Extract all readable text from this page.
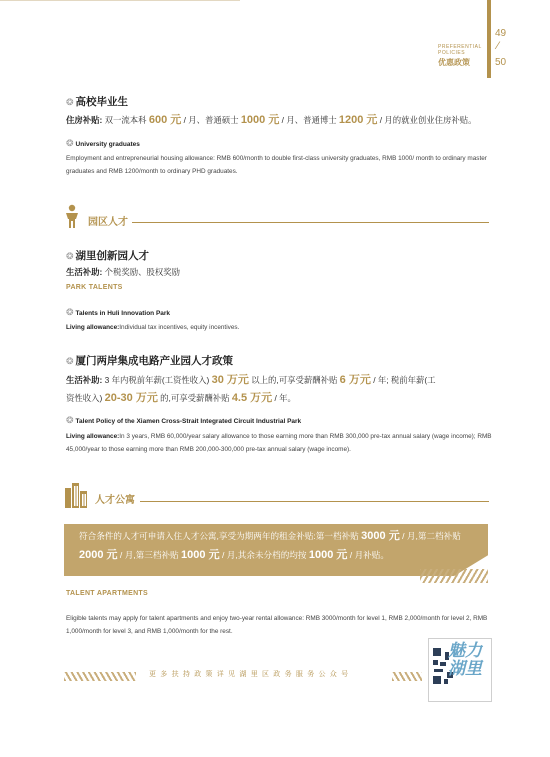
PREFERENTIAL POLICIES
优惠政策
49
⁄
50
❂ 高校毕业生
住房补贴: 双一流本科 600 元 / 月、普通硕士 1000 元 / 月、普通博士 1200 元 / 月的就业创业住房补贴。
❂ University graduates
Employment and entrepreneurial housing allowance: RMB 600/month to double first-class university graduates, RMB 1000/ month to ordinary master graduates and RMB 1200/month to ordinary PHD graduates.
园区人才
❂ 湖里创新园人才
生活补助: 个税奖励、股权奖励
PARK TALENTS
❂ Talents in Huli Innovation Park
Living allowance:Individual tax incentives, equity incentives.
❂ 厦门两岸集成电路产业园人才政策
生活补助: 3 年内税前年薪(工资性收入) 30 万元 以上的,可享受薪酬补贴 6 万元 / 年; 税前年薪(工
资性收入) 20-30 万元 的,可享受薪酬补贴 4.5 万元 / 年。
❂ Talent Policy of the Xiamen Cross-Strait Integrated Circuit Industrial Park
Living allowance:In 3 years, RMB 60,000/year salary allowance to those earning more than RMB 300,000 pre-tax annual salary (wage income); RMB 45,000/year to those earning more than RMB 200,000-300,000 pre-tax annual salary (wage income).
人才公寓
符合条件的人才可申请入住人才公寓,享受为期两年的租金补贴:第一档补贴 3000 元 / 月,第二档补贴 2000 元 / 月,第三档补贴 1000 元 / 月,其余未分档的均按 1000 元 / 月补贴。
TALENT APARTMENTS
Eligible talents may apply for talent apartments and enjoy two-year rental allowance: RMB 3000/month for level 1, RMB 2,000/month for level 2, RMB 1,000/month for level 3, and RMB 1,000/month for the rest.
更多扶持政策详见湖里区政务服务公众号
魅力湖里
